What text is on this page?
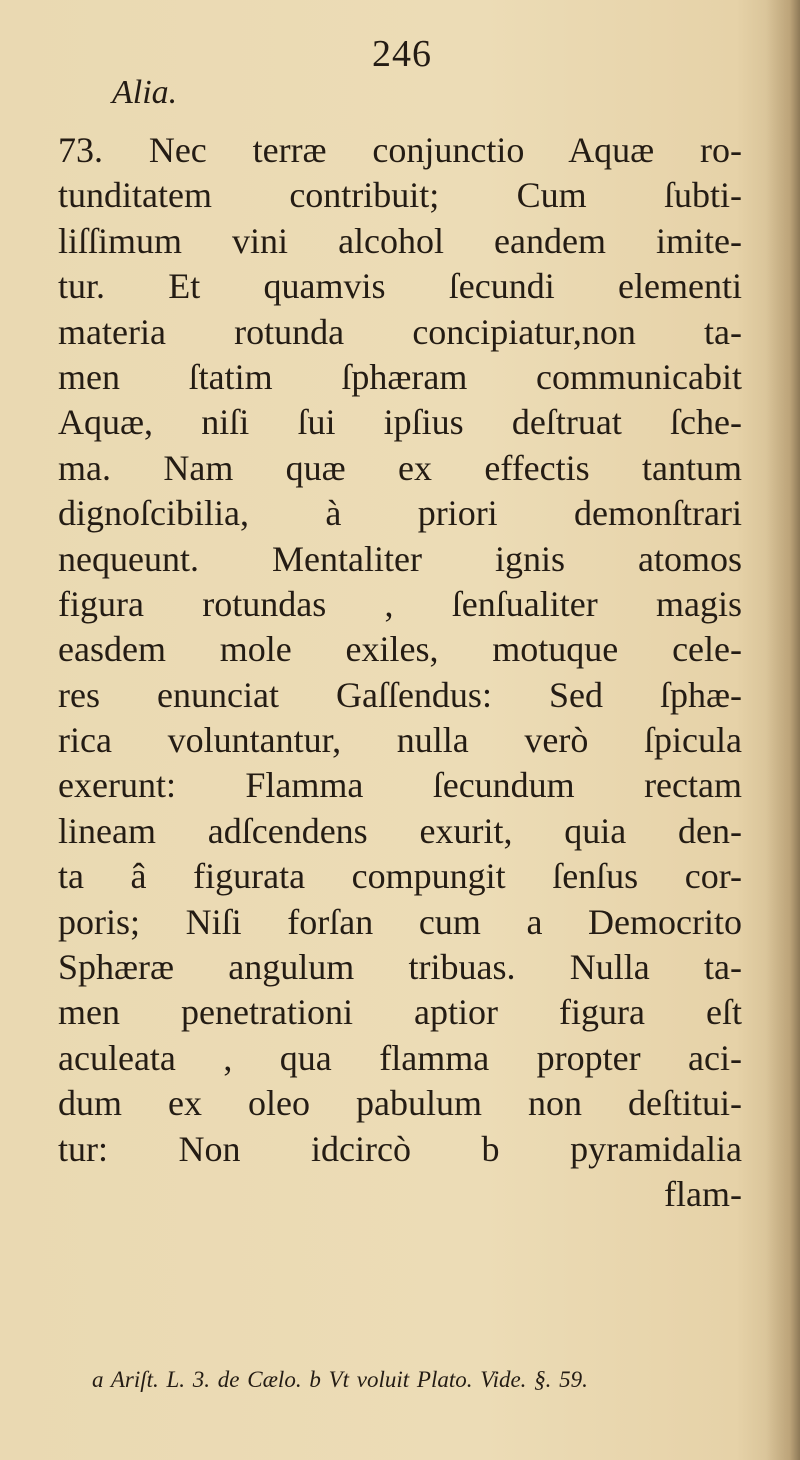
246
Alia.
73. Nec terræ conjunctio Aquæ ro-
tunditatem contribuit; Cum ſubti-
liſſimum vini alcohol eandem imite-
tur. Et quamvis ſecundi elementi
materia rotunda concipiatur,non ta-
men ſtatim ſphæram communicabit
Aquæ, niſi ſui ipſius deſtruat ſche-
ma. Nam quæ ex effectis tantum
dignoſcibilia, à priori demonſtrari
nequeunt. Mentaliter ignis atomos
figura rotundas , ſenſualiter magis
easdem mole exiles, motuque cele-
res enunciat Gaſſendus: Sed ſphæ-
rica voluntantur, nulla verò ſpicula
exerunt: Flamma ſecundum rectam
lineam adſcendens exurit, quia den-
ta â figurata compungit ſenſus cor-
poris; Niſi forſan cum a Democrito
Sphæræ angulum tribuas. Nulla ta-
men penetrationi aptior figura eſt
aculeata , qua flamma propter aci-
dum ex oleo pabulum non deſtitui-
tur: Non idcircò b pyramidalia
flam-
a Ariſt. L. 3. de Cælo. b Vt voluit Plato. Vide. §. 59.
